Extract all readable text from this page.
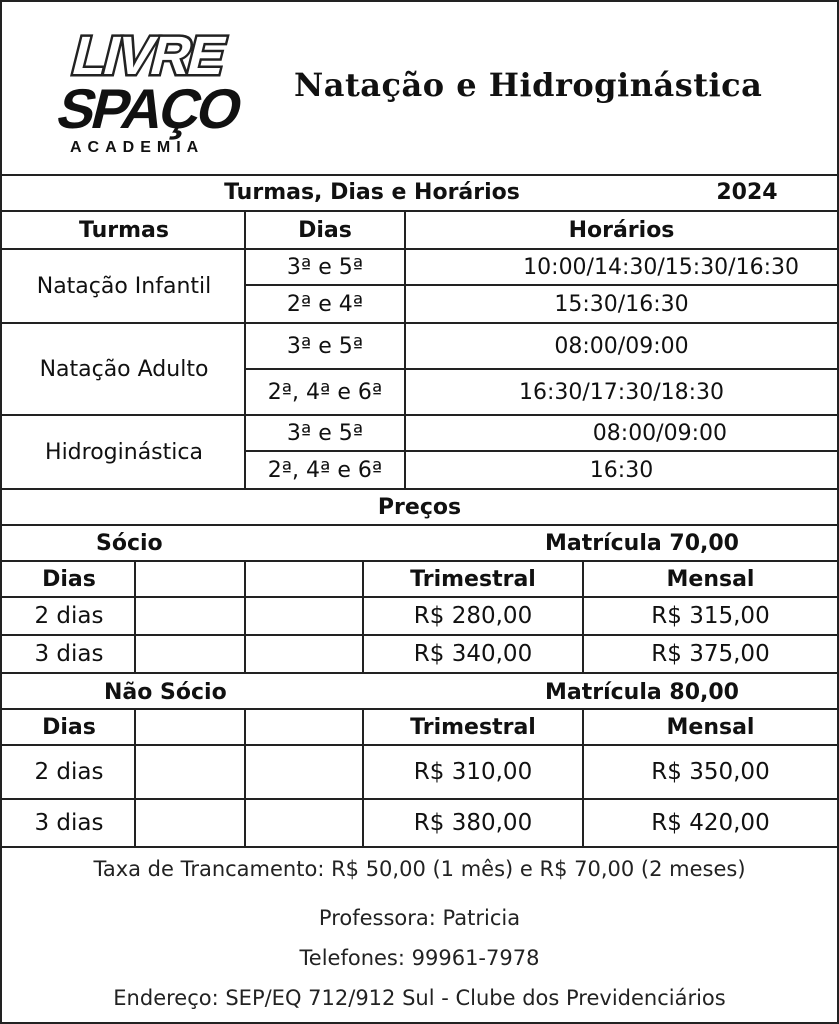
LIVRE
SPAÇO
ACADEMIA
Natação e Hidroginástica
Turmas, Dias e Horários	2024
Turmas	Dias	Horários
Natação Infantil
3ª e 5ª	10:00/14:30/15:30/16:30
2ª e 4ª	15:30/16:30
Natação Adulto
3ª e 5ª	08:00/09:00
2ª, 4ª e 6ª	16:30/17:30/18:30
Hidroginástica
3ª e 5ª	08:00/09:00
2ª, 4ª e 6ª	16:30
Preços
Sócio	Matrícula 70,00
Dias	Trimestral	Mensal
2 dias	R$ 280,00	R$ 315,00
3 dias	R$ 340,00	R$ 375,00
Não Sócio	Matrícula 80,00
Dias	Trimestral	Mensal
2 dias	R$ 310,00	R$ 350,00
3 dias	R$ 380,00	R$ 420,00
Taxa de Trancamento: R$ 50,00 (1 mês) e R$ 70,00 (2 meses)
Professora: Patricia
Telefones: 99961-7978
Endereço: SEP/EQ 712/912 Sul - Clube dos Previdenciários
